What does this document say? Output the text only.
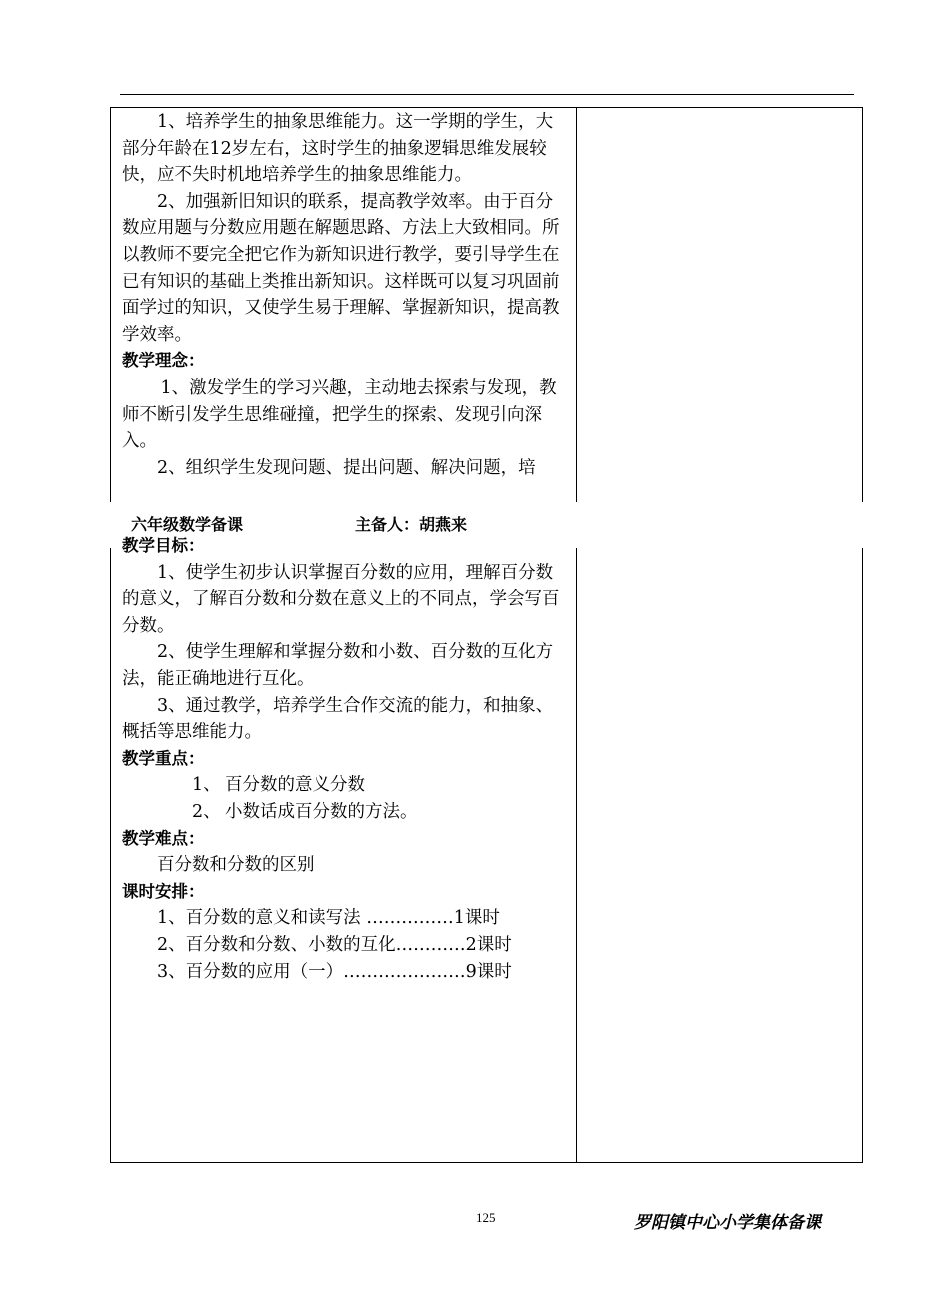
1、培养学生的抽象思维能力。这一学期的学生，大部分年龄在12岁左右，这时学生的抽象逻辑思维发展较快，应不失时机地培养学生的抽象思维能力。

2、加强新旧知识的联系，提高教学效率。由于百分数应用题与分数应用题在解题思路、方法上大致相同。所以教师不要完全把它作为新知识进行教学，要引导学生在已有知识的基础上类推出新知识。这样既可以复习巩固前面学过的知识，又使学生易于理解、掌握新知识，提高教学效率。

教学理念：

1、激发学生的学习兴趣，主动地去探索与发现，教师不断引发学生思维碰撞，把学生的探索、发现引向深入。

2、组织学生发现问题、提出问题、解决问题，培

六年级数学备课	主备人：胡燕来

教学目标：

1、使学生初步认识掌握百分数的应用，理解百分数的意义，了解百分数和分数在意义上的不同点，学会写百分数。

2、使学生理解和掌握分数和小数、百分数的互化方法，能正确地进行互化。

3、通过教学，培养学生合作交流的能力，和抽象、概括等思维能力。

教学重点：

1、 百分数的意义分数

2、 小数话成百分数的方法。

教学难点：

百分数和分数的区别

课时安排：

1、百分数的意义和读写法 ……………1课时

2、百分数和分数、小数的互化…………2课时

3、百分数的应用（一）…………………9课时

125	罗阳镇中心小学集体备课
